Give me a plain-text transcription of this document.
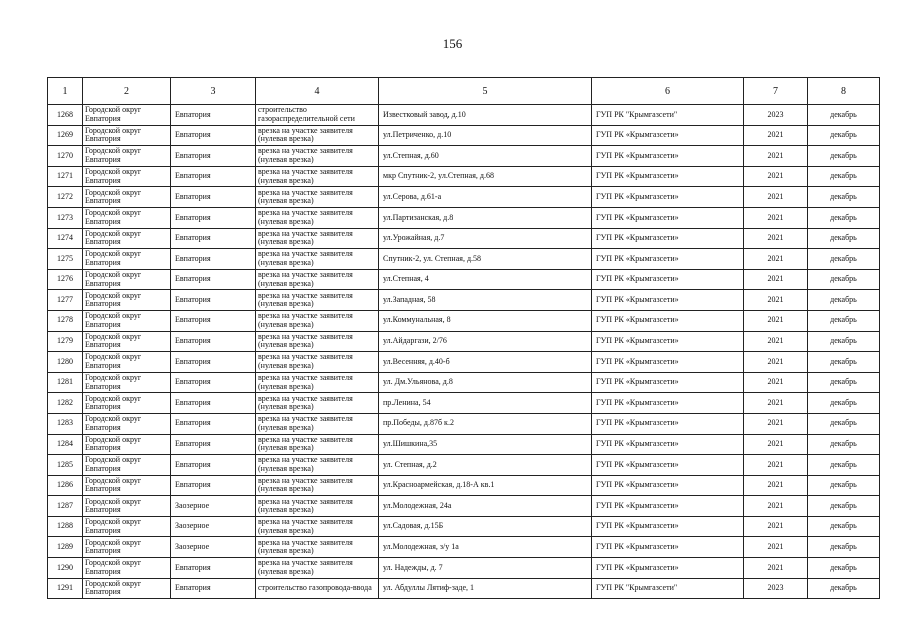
156
1	2	3	4	5	6	7	8
1268	Городской округ Евпатория	Евпатория	строительство газораспределительной сети	Известковый завод, д.10	ГУП РК "Крымгазсети"	2023	декабрь
1269	Городской округ Евпатория	Евпатория	врезка на участке заявителя (нулевая врезка)	ул.Петриченко, д.10	ГУП РК «Крымгазсети»	2021	декабрь
1270	Городской округ Евпатория	Евпатория	врезка на участке заявителя (нулевая врезка)	ул.Степная, д.60	ГУП РК «Крымгазсети»	2021	декабрь
1271	Городской округ Евпатория	Евпатория	врезка на участке заявителя (нулевая врезка)	мкр Спутник-2, ул.Степная, д.68	ГУП РК «Крымгазсети»	2021	декабрь
1272	Городской округ Евпатория	Евпатория	врезка на участке заявителя (нулевая врезка)	ул.Серова, д.61-а	ГУП РК «Крымгазсети»	2021	декабрь
1273	Городской округ Евпатория	Евпатория	врезка на участке заявителя (нулевая врезка)	ул.Партизанская, д.8	ГУП РК «Крымгазсети»	2021	декабрь
1274	Городской округ Евпатория	Евпатория	врезка на участке заявителя (нулевая врезка)	ул.Урожайная, д.7	ГУП РК «Крымгазсети»	2021	декабрь
1275	Городской округ Евпатория	Евпатория	врезка на участке заявителя (нулевая врезка)	Спутник-2, ул. Степная, д.58	ГУП РК «Крымгазсети»	2021	декабрь
1276	Городской округ Евпатория	Евпатория	врезка на участке заявителя (нулевая врезка)	ул.Степная, 4	ГУП РК «Крымгазсети»	2021	декабрь
1277	Городской округ Евпатория	Евпатория	врезка на участке заявителя (нулевая врезка)	ул.Западная, 58	ГУП РК «Крымгазсети»	2021	декабрь
1278	Городской округ Евпатория	Евпатория	врезка на участке заявителя (нулевая врезка)	ул.Коммунальная, 8	ГУП РК «Крымгазсети»	2021	декабрь
1279	Городской округ Евпатория	Евпатория	врезка на участке заявителя (нулевая врезка)	ул.Айдаргази, 2/76	ГУП РК «Крымгазсети»	2021	декабрь
1280	Городской округ Евпатория	Евпатория	врезка на участке заявителя (нулевая врезка)	ул.Весенняя, д.40-б	ГУП РК «Крымгазсети»	2021	декабрь
1281	Городской округ Евпатория	Евпатория	врезка на участке заявителя (нулевая врезка)	ул. Дм.Ульянова, д.8	ГУП РК «Крымгазсети»	2021	декабрь
1282	Городской округ Евпатория	Евпатория	врезка на участке заявителя (нулевая врезка)	пр.Ленина, 54	ГУП РК «Крымгазсети»	2021	декабрь
1283	Городской округ Евпатория	Евпатория	врезка на участке заявителя (нулевая врезка)	пр.Победы, д.87б к.2	ГУП РК «Крымгазсети»	2021	декабрь
1284	Городской округ Евпатория	Евпатория	врезка на участке заявителя (нулевая врезка)	ул.Шишкина,35	ГУП РК «Крымгазсети»	2021	декабрь
1285	Городской округ Евпатория	Евпатория	врезка на участке заявителя (нулевая врезка)	ул. Степная, д.2	ГУП РК «Крымгазсети»	2021	декабрь
1286	Городской округ Евпатория	Евпатория	врезка на участке заявителя (нулевая врезка)	ул.Красноармейская, д.18-А кв.1	ГУП РК «Крымгазсети»	2021	декабрь
1287	Городской округ Евпатория	Заозерное	врезка на участке заявителя (нулевая врезка)	ул.Молодежная, 24а	ГУП РК «Крымгазсети»	2021	декабрь
1288	Городской округ Евпатория	Заозерное	врезка на участке заявителя (нулевая врезка)	ул.Садовая, д.15Б	ГУП РК «Крымгазсети»	2021	декабрь
1289	Городской округ Евпатория	Заозерное	врезка на участке заявителя (нулевая врезка)	ул.Молодежная, з/у 1а	ГУП РК «Крымгазсети»	2021	декабрь
1290	Городской округ Евпатория	Евпатория	врезка на участке заявителя (нулевая врезка)	ул. Надежды, д. 7	ГУП РК «Крымгазсети»	2021	декабрь
1291	Городской округ Евпатория	Евпатория	строительство газопровода-ввода	ул. Абдуллы Лятиф-заде, 1	ГУП РК "Крымгазсети"	2023	декабрь
